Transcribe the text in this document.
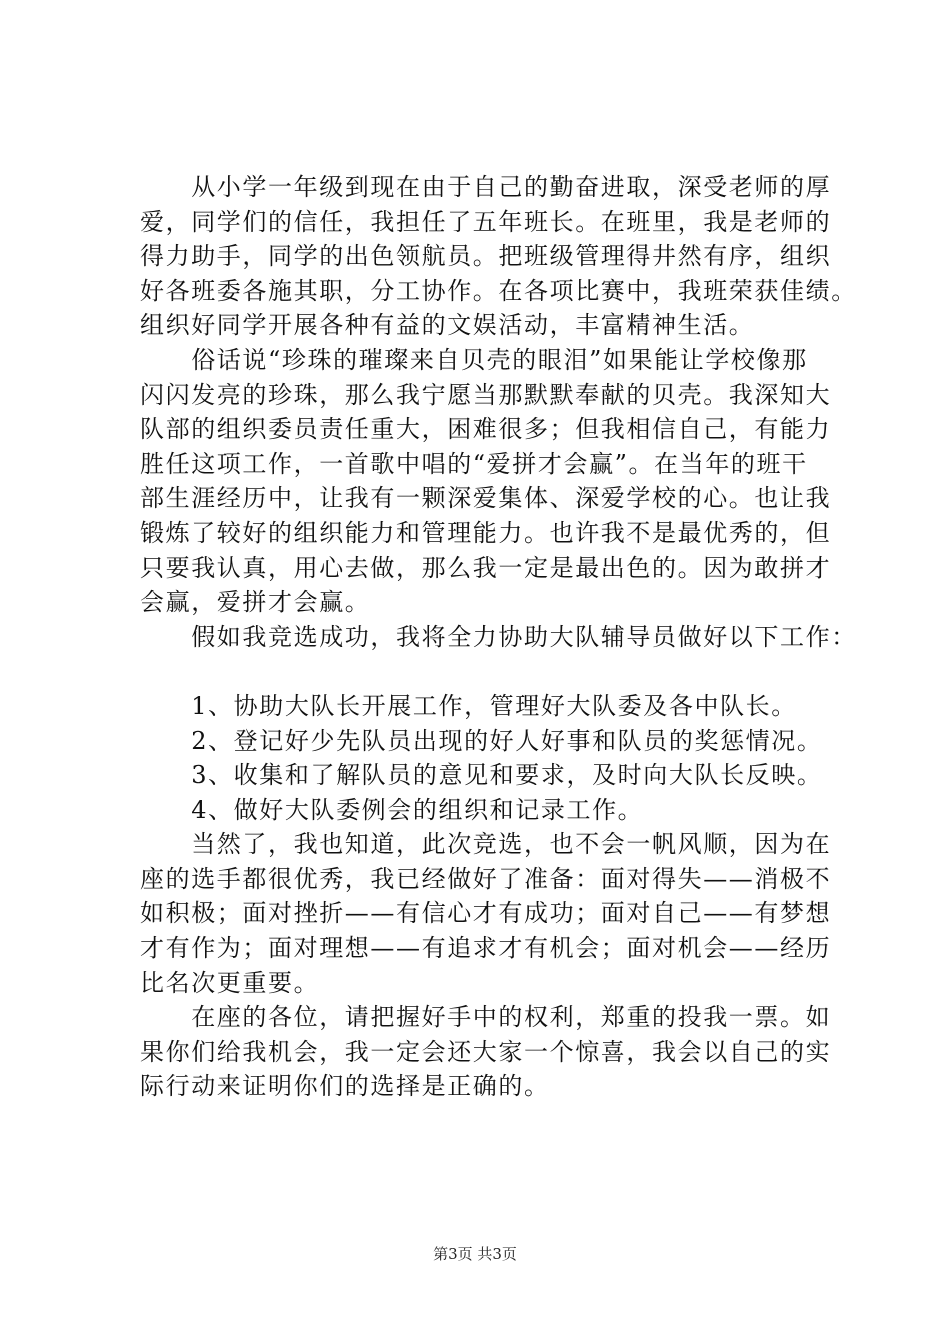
　　从小学一年级到现在由于自己的勤奋进取，深受老师的厚
爱，同学们的信任，我担任了五年班长。在班里，我是老师的
得力助手，同学的出色领航员。把班级管理得井然有序，组织
好各班委各施其职，分工协作。在各项比赛中，我班荣获佳绩。
组织好同学开展各种有益的文娱活动，丰富精神生活。
　　俗话说“珍珠的璀璨来自贝壳的眼泪”如果能让学校像那
闪闪发亮的珍珠，那么我宁愿当那默默奉献的贝壳。我深知大
队部的组织委员责任重大，困难很多；但我相信自己，有能力
胜任这项工作，一首歌中唱的“爱拼才会赢”。在当年的班干
部生涯经历中，让我有一颗深爱集体、深爱学校的心。也让我
锻炼了较好的组织能力和管理能力。也许我不是最优秀的，但
只要我认真，用心去做，那么我一定是最出色的。因为敢拼才
会赢，爱拼才会赢。
　　假如我竞选成功，我将全力协助大队辅导员做好以下工作：
　　1、协助大队长开展工作，管理好大队委及各中队长。
　　2、登记好少先队员出现的好人好事和队员的奖惩情况。
　　3、收集和了解队员的意见和要求，及时向大队长反映。
　　4、做好大队委例会的组织和记录工作。
　　当然了，我也知道，此次竞选，也不会一帆风顺，因为在
座的选手都很优秀，我已经做好了准备：面对得失——消极不
如积极；面对挫折——有信心才有成功；面对自己——有梦想
才有作为；面对理想——有追求才有机会；面对机会——经历
比名次更重要。
　　在座的各位，请把握好手中的权利，郑重的投我一票。如
果你们给我机会，我一定会还大家一个惊喜，我会以自己的实
际行动来证明你们的选择是正确的。
第3页 共3页
